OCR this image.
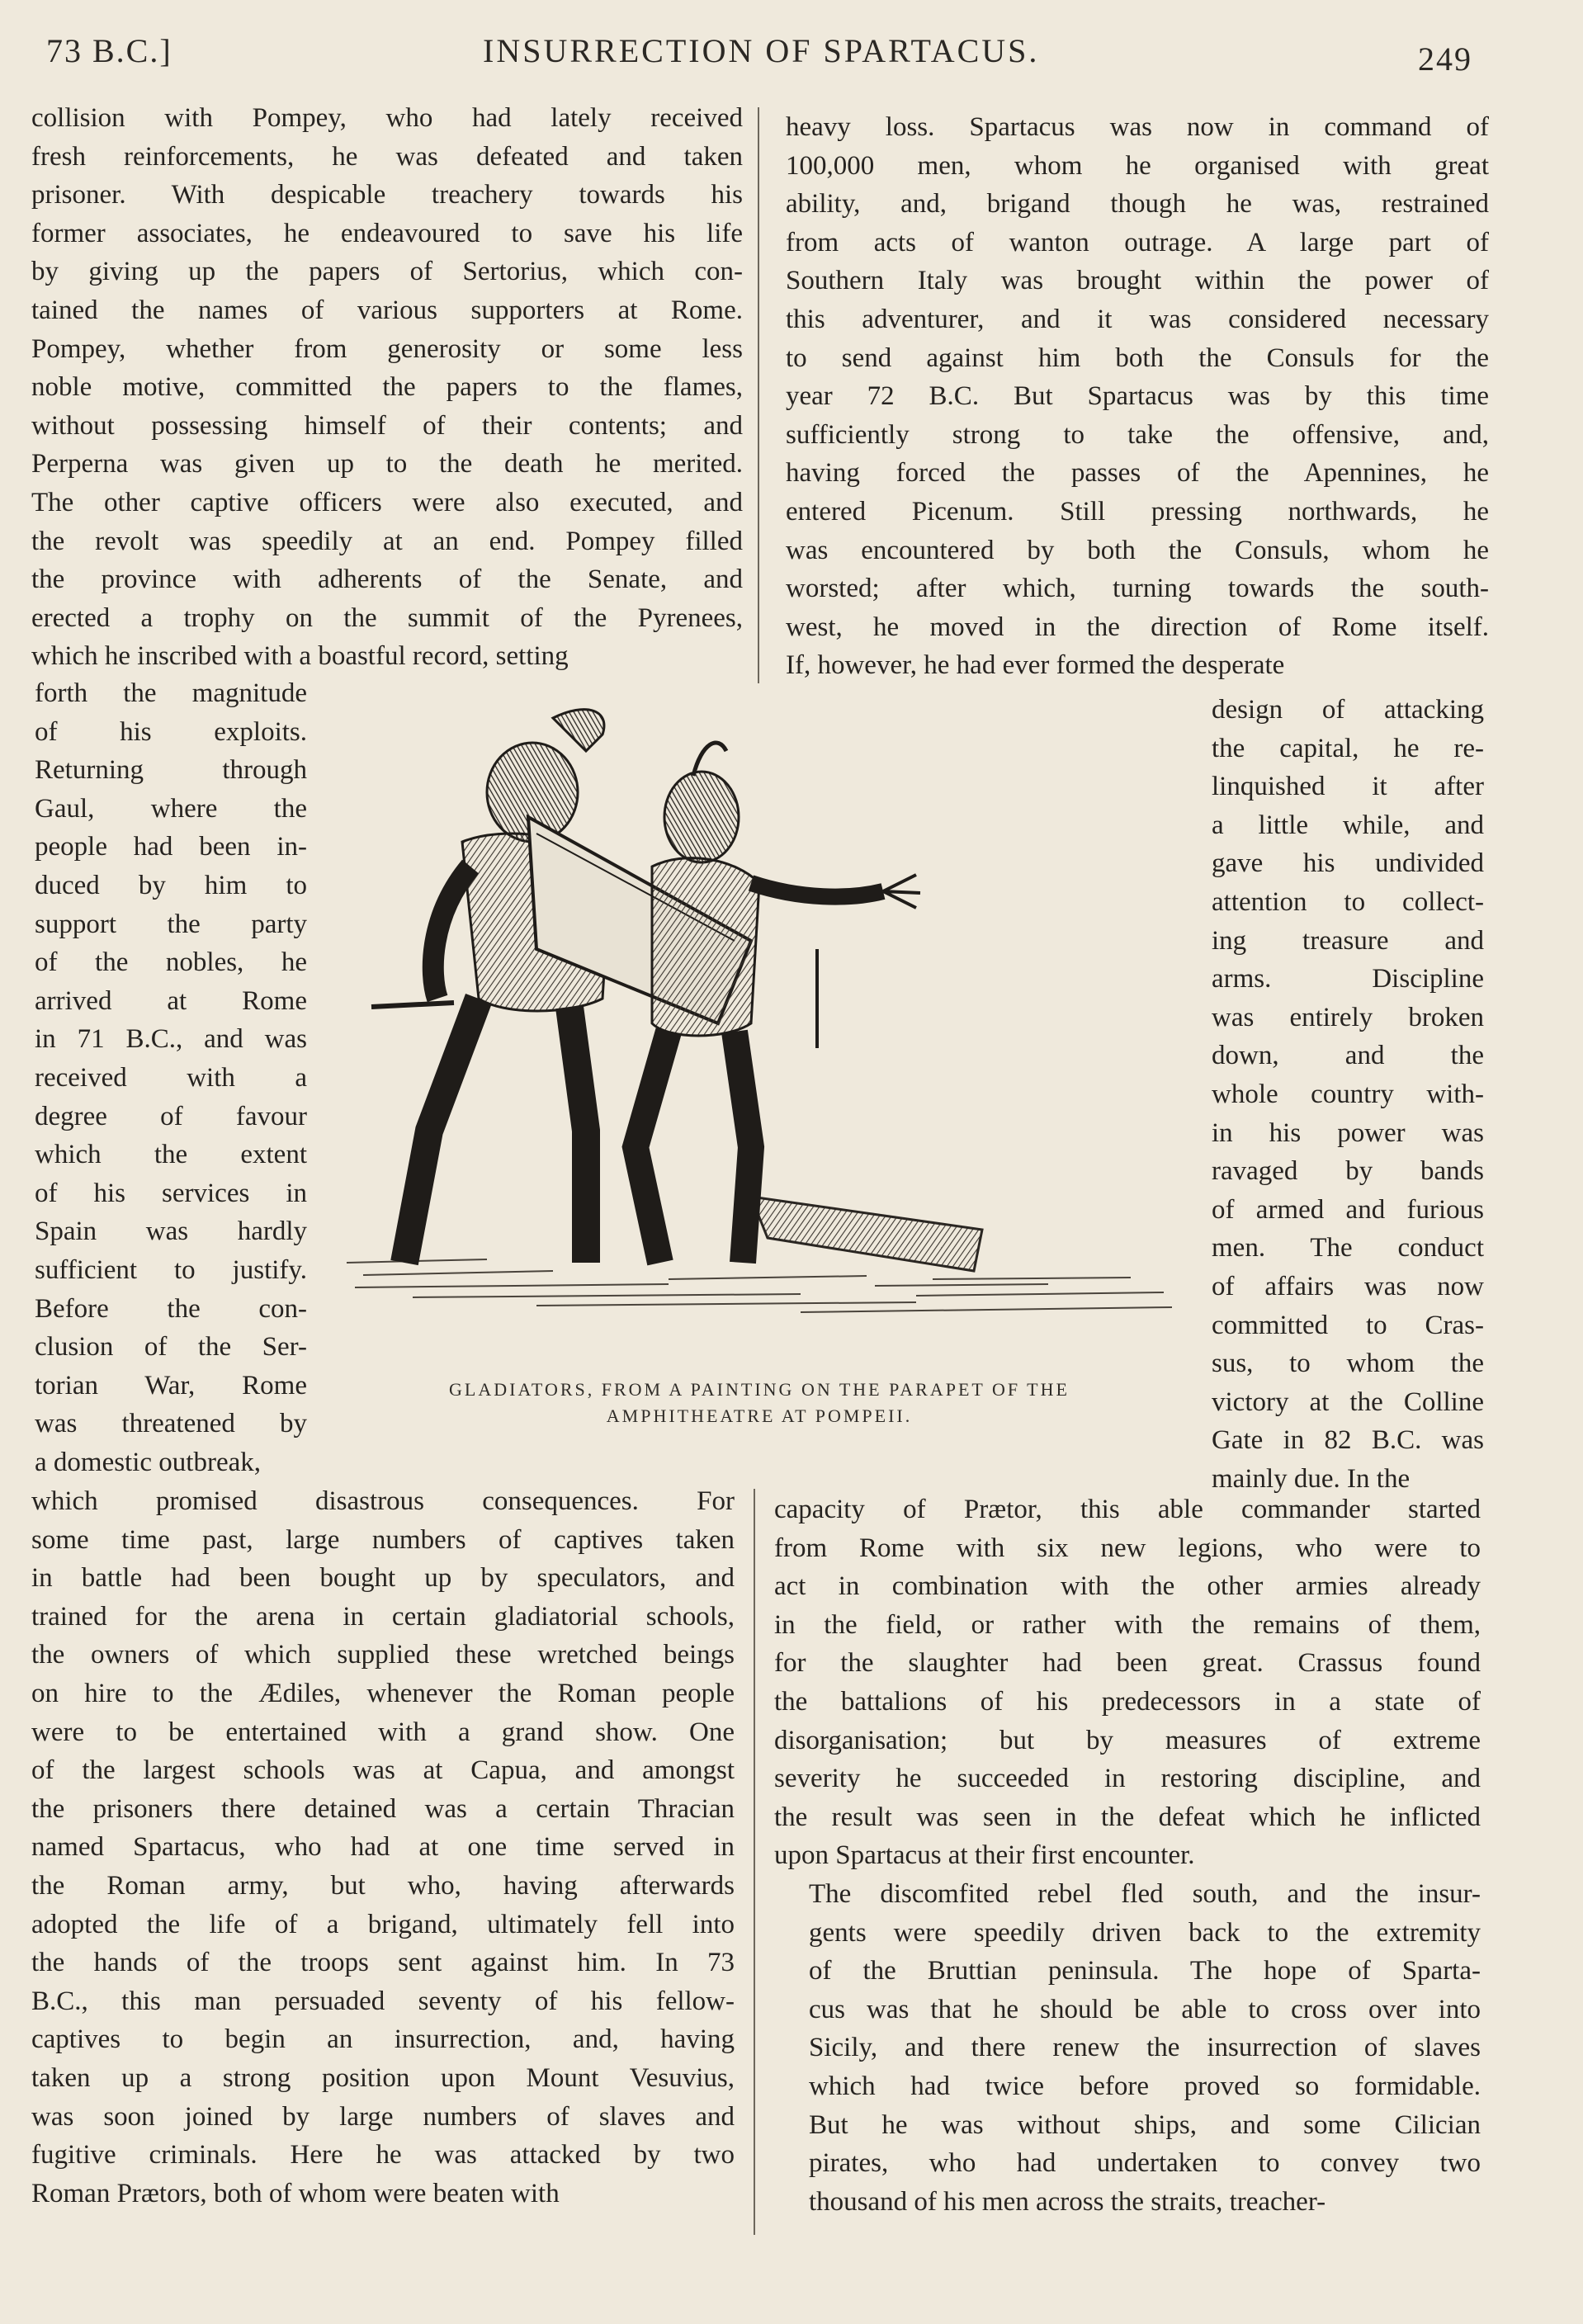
73 B.C.]	INSURRECTION OF SPARTACUS.	249
collision with Pompey, who had lately received
fresh reinforcements, he was defeated and taken
prisoner. With despicable treachery towards his
former associates, he endeavoured to save his life
by giving up the papers of Sertorius, which con-
tained the names of various supporters at Rome.
Pompey, whether from generosity or some less
noble motive, committed the papers to the flames,
without possessing himself of their contents; and
Perperna was given up to the death he merited.
The other captive officers were also executed, and
the revolt was speedily at an end. Pompey filled
the province with adherents of the Senate, and
erected a trophy on the summit of the Pyrenees,
which he inscribed with a boastful record, setting
heavy loss. Spartacus was now in command of
100,000 men, whom he organised with great
ability, and, brigand though he was, restrained
from acts of wanton outrage. A large part of
Southern Italy was brought within the power of
this adventurer, and it was considered necessary
to send against him both the Consuls for the
year 72 B.C. But Spartacus was by this time
sufficiently strong to take the offensive, and,
having forced the passes of the Apennines, he
entered Picenum. Still pressing northwards, he
was encountered by both the Consuls, whom he
worsted; after which, turning towards the south-
west, he moved in the direction of Rome itself.
If, however, he had ever formed the desperate
forth the magnitude
of his exploits.
Returning through
Gaul, where the
people had been in-
duced by him to
support the party
of the nobles, he
arrived at Rome
in 71 B.C., and was
received with a
degree of favour
which the extent
of his services in
Spain was hardly
sufficient to justify.
Before the con-
clusion of the Ser-
torian War, Rome
was threatened by
a domestic outbreak,
design of attacking
the capital, he re-
linquished it after
a little while, and
gave his undivided
attention to collect-
ing treasure and
arms. Discipline
was entirely broken
down, and the
whole country with-
in his power was
ravaged by bands
of armed and furious
men. The conduct
of affairs was now
committed to Cras-
sus, to whom the
victory at the Colline
Gate in 82 B.C. was
mainly due. In the
GLADIATORS, FROM A PAINTING ON THE PARAPET OF THE
AMPHITHEATRE AT POMPEII.
which promised disastrous consequences. For
some time past, large numbers of captives taken
in battle had been bought up by speculators, and
trained for the arena in certain gladiatorial schools,
the owners of which supplied these wretched beings
on hire to the Ædiles, whenever the Roman people
were to be entertained with a grand show. One
of the largest schools was at Capua, and amongst
the prisoners there detained was a certain Thracian
named Spartacus, who had at one time served in
the Roman army, but who, having afterwards
adopted the life of a brigand, ultimately fell into
the hands of the troops sent against him. In 73
B.C., this man persuaded seventy of his fellow-
captives to begin an insurrection, and, having
taken up a strong position upon Mount Vesuvius,
was soon joined by large numbers of slaves and
fugitive criminals. Here he was attacked by two
Roman Prætors, both of whom were beaten with
capacity of Prætor, this able commander started
from Rome with six new legions, who were to
act in combination with the other armies already
in the field, or rather with the remains of them,
for the slaughter had been great. Crassus found
the battalions of his predecessors in a state of
disorganisation; but by measures of extreme
severity he succeeded in restoring discipline, and
the result was seen in the defeat which he inflicted
upon Spartacus at their first encounter.
The discomfited rebel fled south, and the insur-
gents were speedily driven back to the extremity
of the Bruttian peninsula. The hope of Sparta-
cus was that he should be able to cross over into
Sicily, and there renew the insurrection of slaves
which had twice before proved so formidable.
But he was without ships, and some Cilician
pirates, who had undertaken to convey two
thousand of his men across the straits, treacher-
